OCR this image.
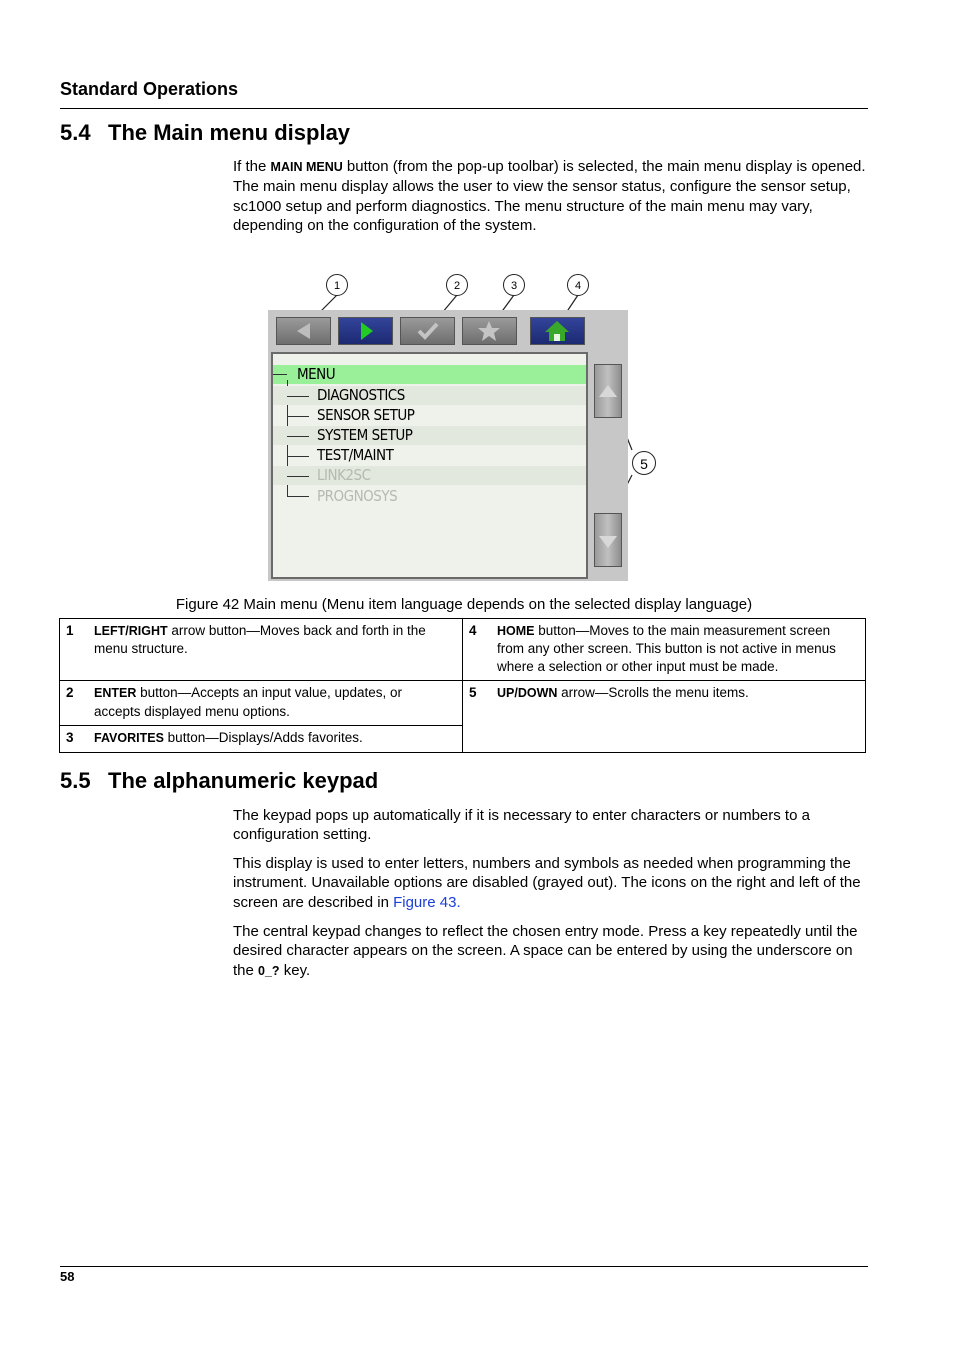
Standard Operations
5.4 The Main menu display
If the MAIN MENU button (from the pop-up toolbar) is selected, the main menu display is opened. The main menu display allows the user to view the sensor status, configure the sensor setup, sc1000 setup and perform diagnostics. The menu structure of the main menu may vary, depending on the configuration of the system.
1	2	3	4
5
MENU
DIAGNOSTICS
SENSOR SETUP
SYSTEM SETUP
TEST/MAINT
LINK2SC
PROGNOSYS
Figure 42 Main menu (Menu item language depends on the selected display language)
1 LEFT/RIGHT arrow button—Moves back and forth in the menu structure.	4 HOME button—Moves to the main measurement screen from any other screen. This button is not active in menus where a selection or other input must be made.
2 ENTER button—Accepts an input value, updates, or accepts displayed menu options.	5 UP/DOWN arrow—Scrolls the menu items.
3 FAVORITES button—Displays/Adds favorites.	
5.5 The alphanumeric keypad
The keypad pops up automatically if it is necessary to enter characters or numbers to a configuration setting.
This display is used to enter letters, numbers and symbols as needed when programming the instrument. Unavailable options are disabled (grayed out). The icons on the right and left of the screen are described in Figure 43.
The central keypad changes to reflect the chosen entry mode. Press a key repeatedly until the desired character appears on the screen. A space can be entered by using the underscore on the 0_? key.
58
